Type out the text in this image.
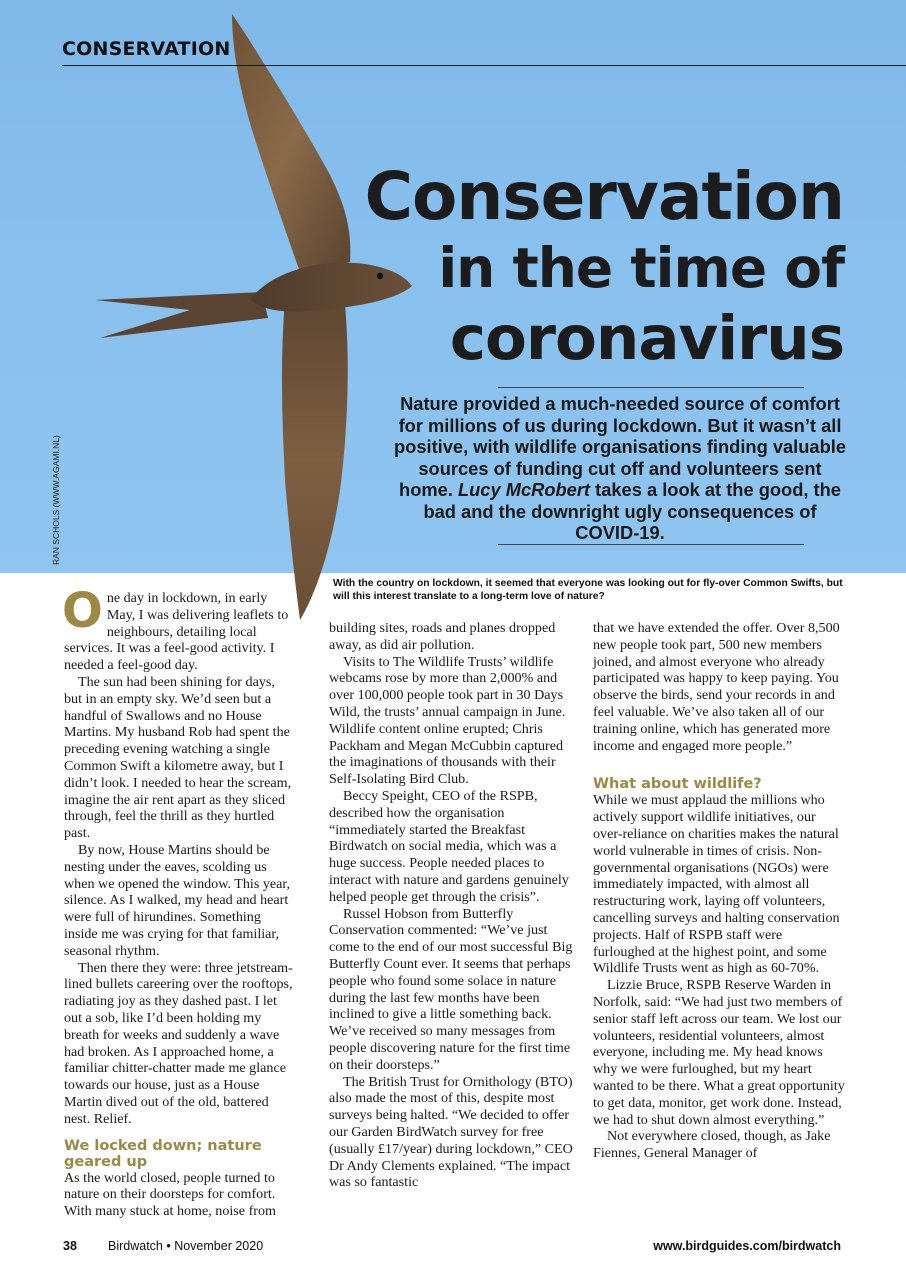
CONSERVATION
Conservation
in the time of
coronavirus
Nature provided a much-needed source of comfort for millions of us during lockdown. But it wasn’t all positive, with wildlife organisations finding valuable sources of funding cut off and volunteers sent home. Lucy McRobert takes a look at the good, the bad and the downright ugly consequences of COVID-19.
RAN SCHOLS (WWW.AGAMI.NL)
With the country on lockdown, it seemed that everyone was looking out for fly-over Common Swifts, but will this interest translate to a long-term love of nature?

One day in lockdown, in early May, I was delivering leaflets to neighbours, detailing local services. It was a feel-good activity. I needed a feel-good day.

The sun had been shining for days, but in an empty sky. We’d seen but a handful of Swallows and no House Martins. My husband Rob had spent the preceding evening watching a single Common Swift a kilometre away, but I didn’t look. I needed to hear the scream, imagine the air rent apart as they sliced through, feel the thrill as they hurtled past.

By now, House Martins should be nesting under the eaves, scolding us when we opened the window. This year, silence. As I walked, my head and heart were full of hirundines. Something inside me was crying for that familiar, seasonal rhythm.

Then there they were: three jetstream-lined bullets careering over the rooftops, radiating joy as they dashed past. I let out a sob, like I’d been holding my breath for weeks and suddenly a wave had broken. As I approached home, a familiar chitter-chatter made me glance towards our house, just as a House Martin dived out of the old, battered nest. Relief.

We locked down; nature geared up

As the world closed, people turned to nature on their doorsteps for comfort. With many stuck at home, noise from

building sites, roads and planes dropped away, as did air pollution.

Visits to The Wildlife Trusts’ wildlife webcams rose by more than 2,000% and over 100,000 people took part in 30 Days Wild, the trusts’ annual campaign in June. Wildlife content online erupted; Chris Packham and Megan McCubbin captured the imaginations of thousands with their Self-Isolating Bird Club.

Beccy Speight, CEO of the RSPB, described how the organisation “immediately started the Breakfast Birdwatch on social media, which was a huge success. People needed places to interact with nature and gardens genuinely helped people get through the crisis”.

Russel Hobson from Butterfly Conservation commented: “We’ve just come to the end of our most successful Big Butterfly Count ever. It seems that perhaps people who found some solace in nature during the last few months have been inclined to give a little something back. We’ve received so many messages from people discovering nature for the first time on their doorsteps.”

The British Trust for Ornithology (BTO) also made the most of this, despite most surveys being halted. “We decided to offer our Garden BirdWatch survey for free (usually £17/year) during lockdown,” CEO Dr Andy Clements explained. “The impact was so fantastic

that we have extended the offer. Over 8,500 new people took part, 500 new members joined, and almost everyone who already participated was happy to keep paying. You observe the birds, send your records in and feel valuable. We’ve also taken all of our training online, which has generated more income and engaged more people.”

What about wildlife?

While we must applaud the millions who actively support wildlife initiatives, our over-reliance on charities makes the natural world vulnerable in times of crisis. Non-governmental organisations (NGOs) were immediately impacted, with almost all restructuring work, laying off volunteers, cancelling surveys and halting conservation projects. Half of RSPB staff were furloughed at the highest point, and some Wildlife Trusts went as high as 60-70%.

Lizzie Bruce, RSPB Reserve Warden in Norfolk, said: “We had just two members of senior staff left across our team. We lost our volunteers, residential volunteers, almost everyone, including me. My head knows why we were furloughed, but my heart wanted to be there. What a great opportunity to get data, monitor, get work done. Instead, we had to shut down almost everything.”

Not everywhere closed, though, as Jake Fiennes, General Manager of

38 Birdwatch • November 2020	www.birdguides.com/birdwatch
